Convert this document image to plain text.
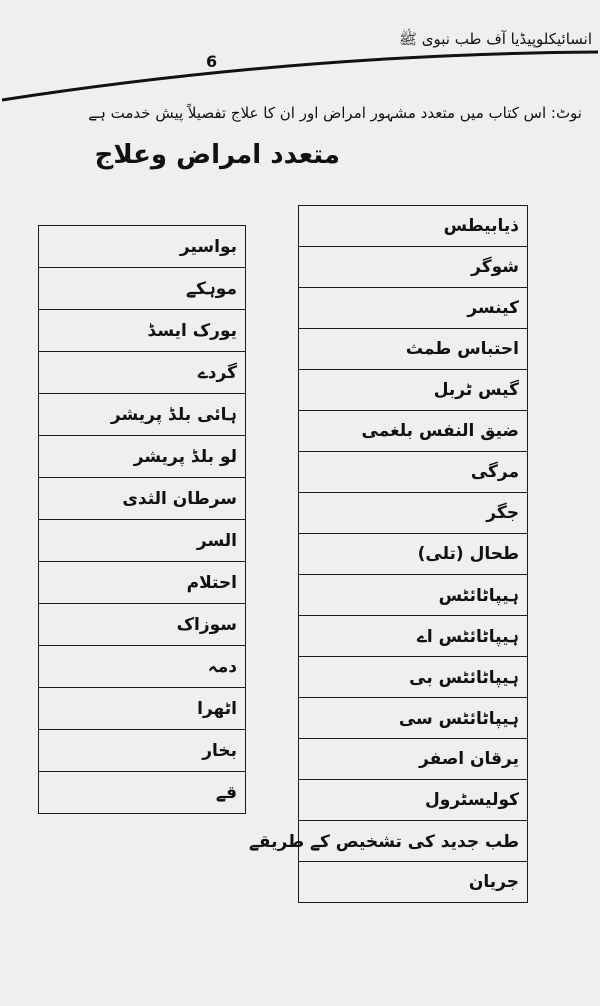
انسائیکلوپیڈیا آف طب نبوی ﷺ
6
نوٹ: اس کتاب میں متعدد مشہور امراض اور ان کا علاج تفصیلاً پیش خدمت ہے
متعدد امراض وعلاج
بواسیر
موہکے
یورک ایسڈ
گردے
ہائی بلڈ پریشر
لو بلڈ پریشر
سرطان الثدی
السر
احتلام
سوزاک
دمہ
اٹھرا
بخار
قے
ذیابیطس
شوگر
کینسر
احتباس طمث
گیس ٹربل
ضیق النفس بلغمی
مرگی
جگر
طحال (تلی)
ہیپاٹائٹس
ہیپاٹائٹس اے
ہیپاٹائٹس بی
ہیپاٹائٹس سی
یرقان اصفر
کولیسٹرول
طب جدید کی تشخیص کے طریقے
جریان
